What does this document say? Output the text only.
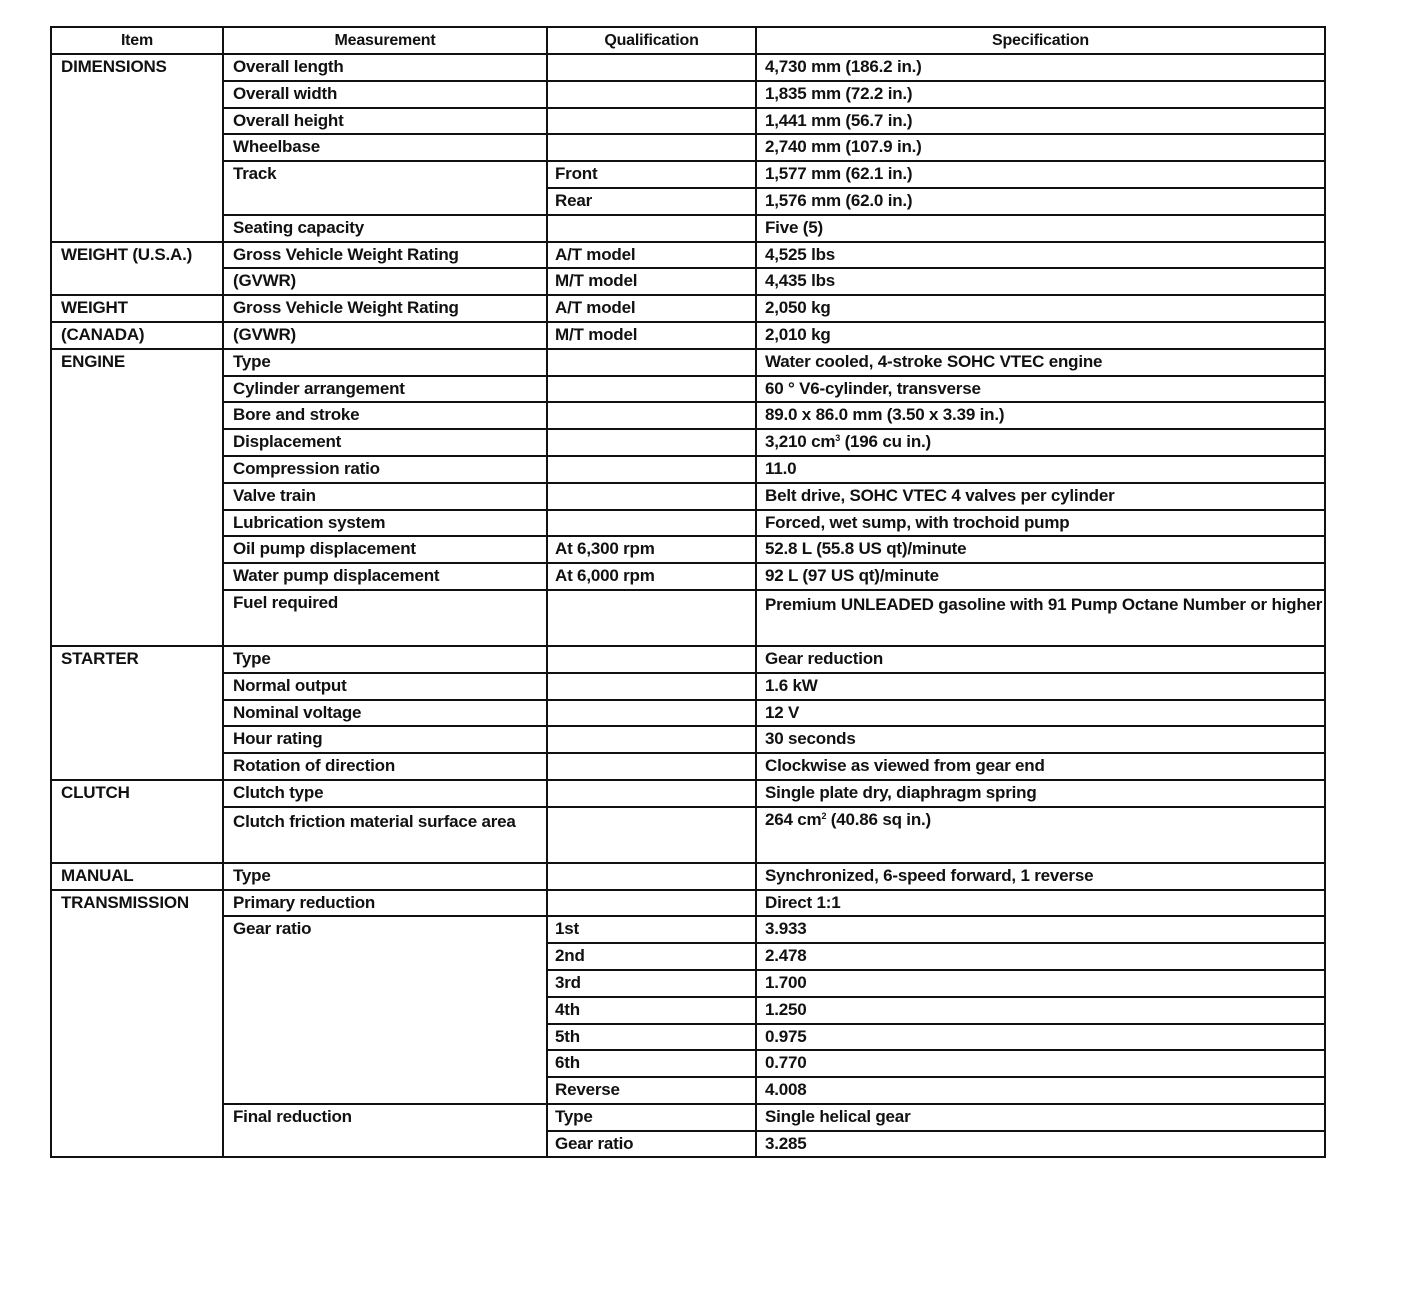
Item	Measurement	Qualification	Specification
DIMENSIONS	Overall length		4,730 mm (186.2 in.)
	Overall width		1,835 mm (72.2 in.)
	Overall height		1,441 mm (56.7 in.)
	Wheelbase		2,740 mm (107.9 in.)
	Track	Front	1,577 mm (62.1 in.)
		Rear	1,576 mm (62.0 in.)
	Seating capacity		Five (5)
WEIGHT (U.S.A.)	Gross Vehicle Weight Rating	A/T model	4,525 lbs
	(GVWR)	M/T model	4,435 lbs
WEIGHT	Gross Vehicle Weight Rating	A/T model	2,050 kg
(CANADA)	(GVWR)	M/T model	2,010 kg
ENGINE	Type		Water cooled, 4-stroke SOHC VTEC engine
	Cylinder arrangement		60 ° V6-cylinder, transverse
	Bore and stroke		89.0 x 86.0 mm (3.50 x 3.39 in.)
	Displacement		3,210 $cm^3$ (196 cu in.)
	Compression ratio		11.0
	Valve train		Belt drive, SOHC VTEC 4 valves per cylinder
	Lubrication system		Forced, wet sump, with trochoid pump
	Oil pump displacement	At 6,300 rpm	52.8 L (55.8 US qt)/minute
	Water pump displacement	At 6,000 rpm	92 L (97 US qt)/minute
	Fuel required		Premium UNLEADED gasoline with 91 Pump Octane Number or higher
STARTER	Type		Gear reduction
	Normal output		1.6 kW
	Nominal voltage		12 V
	Hour rating		30 seconds
	Rotation of direction		Clockwise as viewed from gear end
CLUTCH	Clutch type		Single plate dry, diaphragm spring
	Clutch friction material surface area		264 $cm^2$ (40.86 sq in.)
MANUAL	Type		Synchronized, 6-speed forward, 1 reverse
TRANSMISSION	Primary reduction		Direct 1:1
	Gear ratio	1st	3.933
		2nd	2.478
		3rd	1.700
		4th	1.250
		5th	0.975
		6th	0.770
		Reverse	4.008
	Final reduction	Type	Single helical gear
		Gear ratio	3.285
